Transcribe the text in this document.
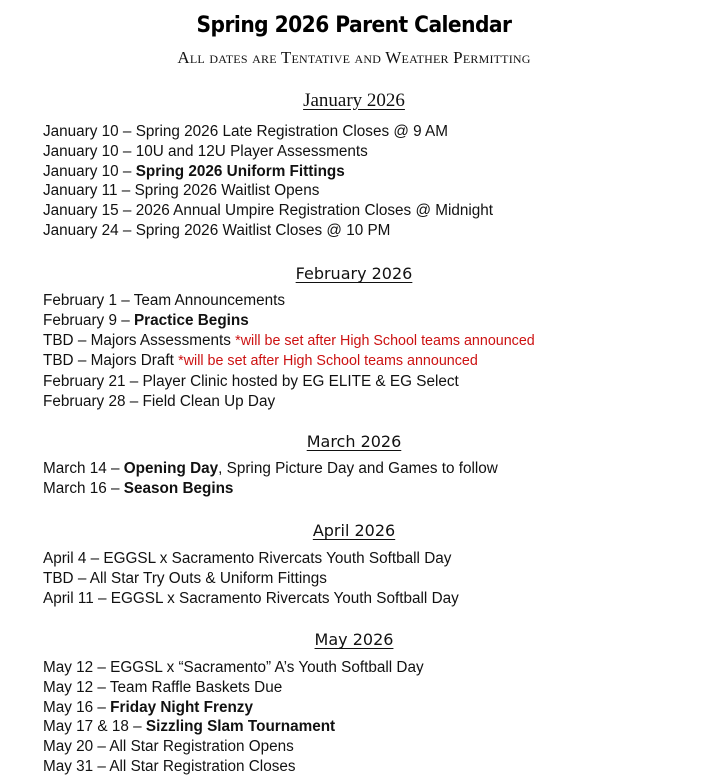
Spring 2026 Parent Calendar
All dates are Tentative and Weather Permitting
January 2026
January 10 – Spring 2026 Late Registration Closes @ 9 AM
January 10 – 10U and 12U Player Assessments
January 10 – Spring 2026 Uniform Fittings
January 11 – Spring 2026 Waitlist Opens
January 15 – 2026 Annual Umpire Registration Closes @ Midnight
January 24 – Spring 2026 Waitlist Closes @ 10 PM
February 2026
February 1 – Team Announcements
February 9 – Practice Begins
TBD – Majors Assessments *will be set after High School teams announced
TBD – Majors Draft *will be set after High School teams announced
February 21 – Player Clinic hosted by EG ELITE & EG Select
February 28 – Field Clean Up Day
March 2026
March 14 – Opening Day, Spring Picture Day and Games to follow
March 16 – Season Begins
April 2026
April 4 – EGGSL x Sacramento Rivercats Youth Softball Day
TBD – All Star Try Outs & Uniform Fittings
April 11 – EGGSL x Sacramento Rivercats Youth Softball Day
May 2026
May 12 – EGGSL x “Sacramento” A’s Youth Softball Day
May 12 – Team Raffle Baskets Due
May 16 – Friday Night Frenzy
May 17 & 18 – Sizzling Slam Tournament
May 20 – All Star Registration Opens
May 31 – All Star Registration Closes
